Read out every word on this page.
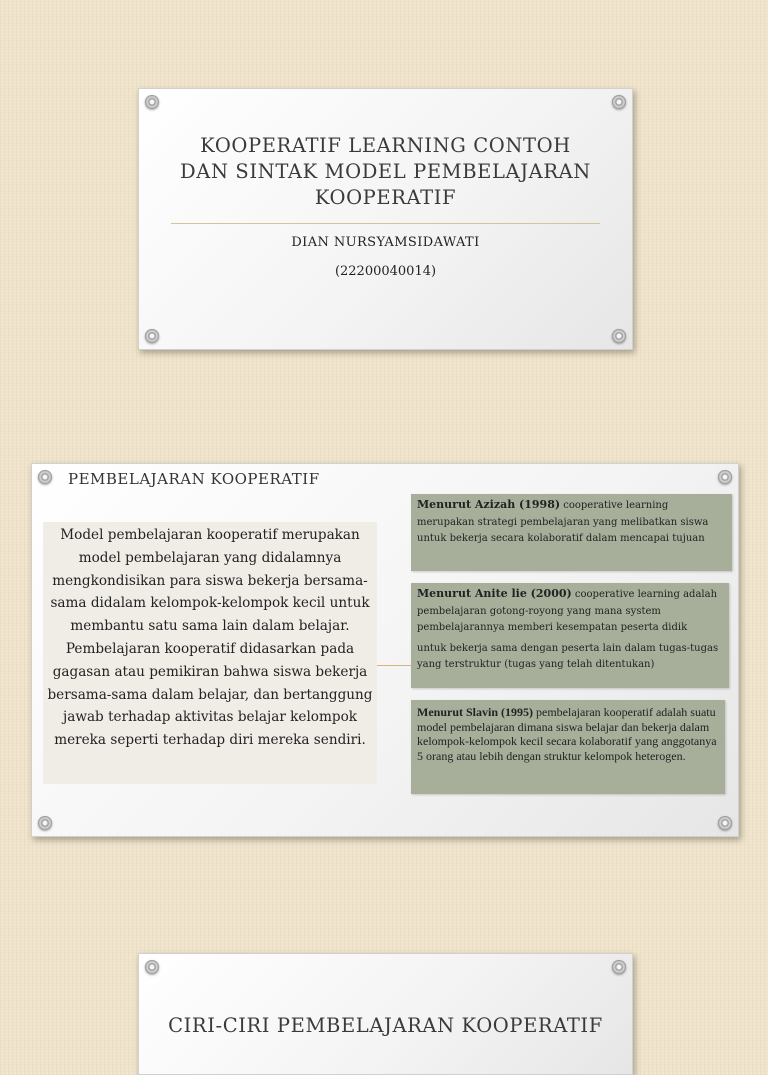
KOOPERATIF LEARNING CONTOH
DAN SINTAK MODEL PEMBELAJARAN
KOOPERATIF
DIAN NURSYAMSIDAWATI
(22200040014)
PEMBELAJARAN KOOPERATIF
Model pembelajaran kooperatif merupakan model pembelajaran yang didalamnya mengkondisikan para siswa bekerja bersama-sama didalam kelompok-kelompok kecil untuk membantu satu sama lain dalam belajar. Pembelajaran kooperatif didasarkan pada gagasan atau pemikiran bahwa siswa bekerja bersama-sama dalam belajar, dan bertanggung jawab terhadap aktivitas belajar kelompok mereka seperti terhadap diri mereka sendiri.
Menurut Azizah (1998) cooperative learning merupakan strategi pembelajaran yang melibatkan siswa untuk bekerja secara kolaboratif dalam mencapai tujuan
Menurut Anite lie (2000) cooperative learning adalah pembelajaran gotong-royong yang mana system pembelajarannya memberi kesempatan peserta didik
untuk bekerja sama dengan peserta lain dalam tugas-tugas yang terstruktur (tugas yang telah ditentukan)
Menurut Slavin (1995) pembelajaran kooperatif adalah suatu model pembelajaran dimana siswa belajar dan bekerja dalam kelompok-kelompok kecil secara kolaboratif yang anggotanya 5 orang atau lebih dengan struktur kelompok heterogen.
CIRI-CIRI PEMBELAJARAN KOOPERATIF
